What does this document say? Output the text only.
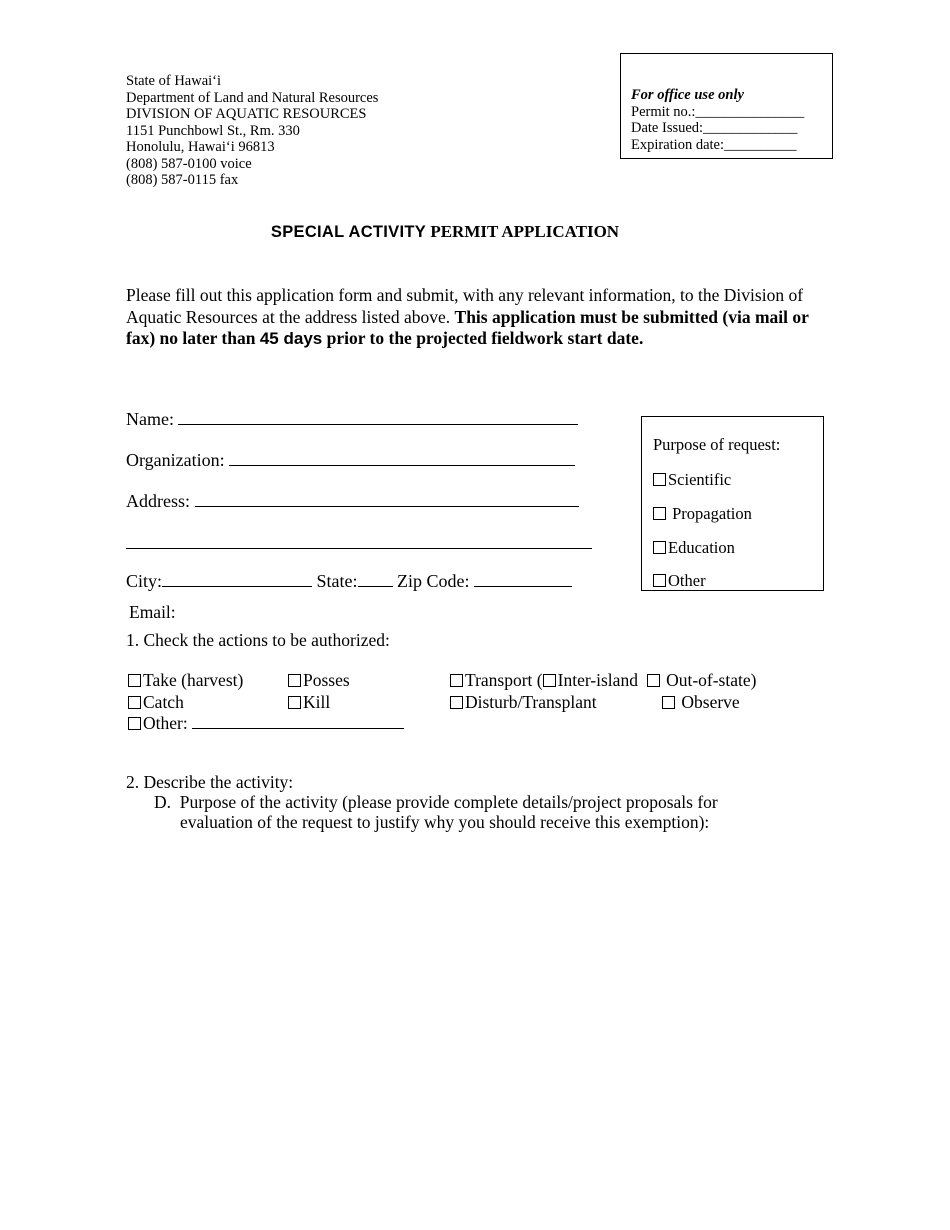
State of Hawai‘i
Department of Land and Natural Resources
DIVISION OF AQUATIC RESOURCES
1151 Punchbowl St., Rm. 330
Honolulu, Hawai‘i 96813
(808) 587-0100 voice
(808) 587-0115 fax
For office use only
Permit no.:_______________
Date Issued:_____________
Expiration date:__________
SPECIAL ACTIVITY PERMIT APPLICATION
Please fill out this application form and submit, with any relevant information, to the Division of Aquatic Resources at the address listed above. This application must be submitted (via mail or fax) no later than 45 days prior to the projected fieldwork start date.
Name:
Organization:
Address:
City:	State: Zip Code:
Email:
Purpose of request:
Scientific
Propagation
Education
Other
1. Check the actions to be authorized:
Take (harvest)	Posses	Transport ( Inter-island Out-of-state)
Catch	Kill	Disturb/Transplant	Observe
Other:
2. Describe the activity:
D. Purpose of the activity (please provide complete details/project proposals for
evaluation of the request to justify why you should receive this exemption):
